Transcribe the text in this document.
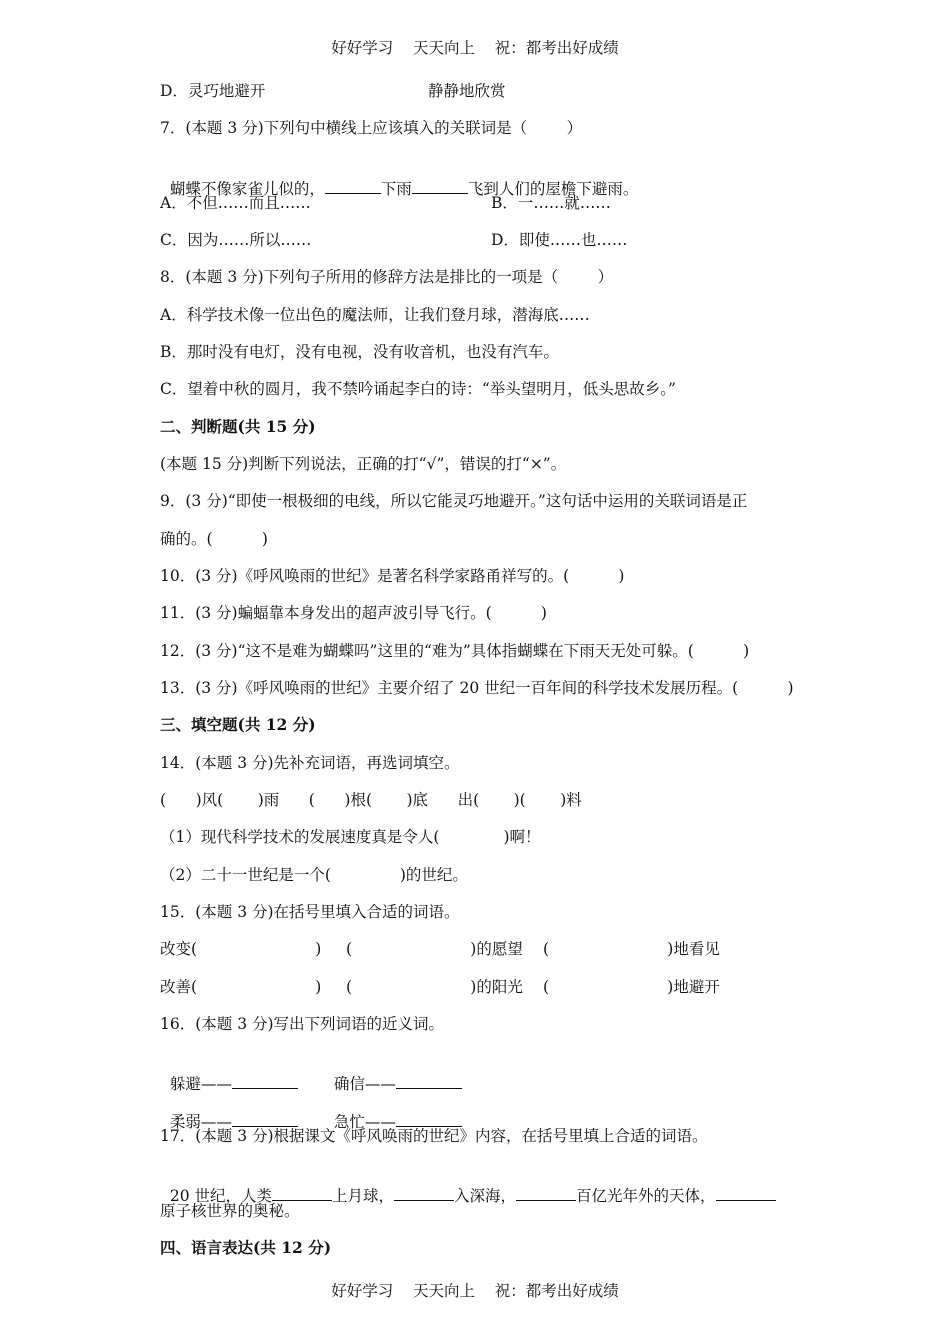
好好学习    天天向上    祝：都考出好成绩
D．灵巧地避开	静静地欣赏
7．(本题 3 分)下列句中横线上应该填入的关联词是（        ）

蝴蝶不像家雀儿似的，	下雨	飞到人们的屋檐下避雨。

A．不但……而且……	B．一……就……
C．因为……所以……	D．即使……也……
8．(本题 3 分)下列句子所用的修辞方法是排比的一项是（        ）
A．科学技术像一位出色的魔法师，让我们登月球，潜海底……
B．那时没有电灯，没有电视，没有收音机，也没有汽车。
C．望着中秋的圆月，我不禁吟诵起李白的诗：“举头望明月，低头思故乡。”
二、判断题(共 15 分)
(本题 15 分)判断下列说法，正确的打“√”，错误的打“×”。
9．(3 分)“即使一根极细的电线，所以它能灵巧地避开。”这句话中运用的关联词语是正
确的。(          )
10．(3 分)《呼风唤雨的世纪》是著名科学家路甬祥写的。(          )
11．(3 分)蝙蝠靠本身发出的超声波引导飞行。(          )
12．(3 分)“这不是难为蝴蝶吗”这里的“难为”具体指蝴蝶在下雨天无处可躲。(          )
13．(3 分)《呼风唤雨的世纪》主要介绍了 20 世纪一百年间的科学技术发展历程。(          )
三、填空题(共 12 分)
14．(本题 3 分)先补充词语，再选词填空。
(      )风(       )雨      (      )根(       )底      出(       )(       )料
（1）现代科学技术的发展速度真是令人(             )啊！
（2）二十一世纪是一个(              )的世纪。
15．(本题 3 分)在括号里填入合适的词语。
改变(                        ) (                        )的愿望 (                        )地看见
改善(                        ) (                        )的阳光 (                        )地避开
16．(本题 3 分)写出下列词语的近义词。

躲避——	确信——

柔弱——	急忙——

17．(本题 3 分)根据课文《呼风唤雨的世纪》内容，在括号里填上合适的词语。

20 世纪，人类	上月球，	入深海，	百亿光年外的天体，

原子核世界的奥秘。
四、语言表达(共 12 分)
好好学习    天天向上    祝：都考出好成绩
